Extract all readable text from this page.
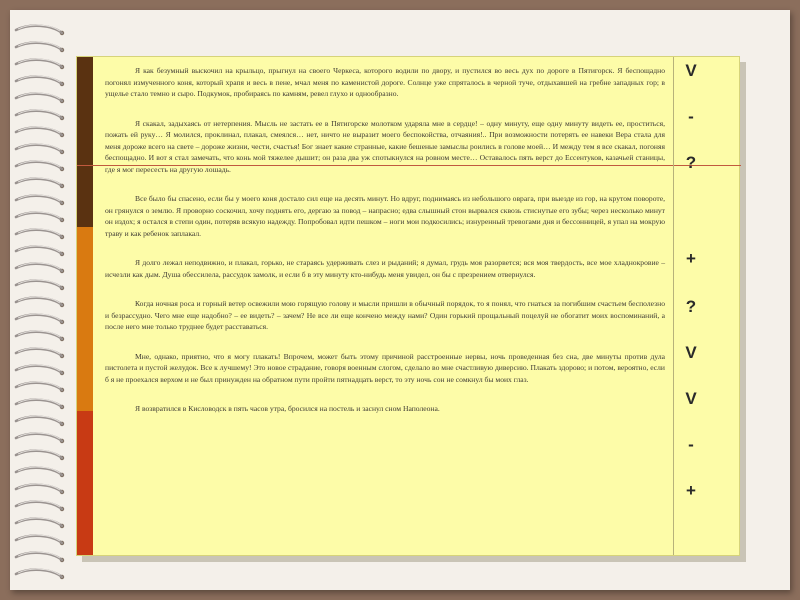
Я как безумный выскочил на крыльцо, прыгнул на своего Черкеса, которого водили по двору, и пустился во весь дух по дороге в Пятигорск. Я беспощадно погонял измученного коня, который храпя и весь в пене, мчал меня по каменистой дороге. Солнце уже спряталось в черной туче, отдыхавшей на гребне западных гор; в ущелье стало темно и сыро. Подкумок, пробираясь по камням, ревел глухо и однообразно.

Я скакал, задыхаясь от нетерпения. Мысль не застать ее в Пятигорске молотком ударяла мне в сердце! – одну минуту, еще одну минуту видеть ее, проститься, пожать ей руку… Я молился, проклинал, плакал, смеялся… нет, ничто не выразит моего беспокойства, отчаяния!.. При возможности потерять ее навеки Вера стала для меня дороже всего на свете – дороже жизни, чести, счастья! Бог знает какие странные, какие бешеные замыслы роились в голове моей… И между тем я все скакал, погоняя беспощадно. И вот я стал замечать, что конь мой тяжелее дышит; он раза два уж спотыкнулся на ровном месте… Оставалось пять верст до Ессентуков, казачьей станицы, где я мог пересесть на другую лошадь.

Все было бы спасено, если бы у моего коня достало сил еще на десять минут. Но вдруг, поднимаясь из небольшого оврага, при выезде из гор, на крутом повороте, он грянулся о землю. Я проворно соскочил, хочу поднять его, дергаю за повод – напрасно; едва слышный стон вырвался сквозь стиснутые его зубы; через несколько минут он издох; я остался в степи один, потеряв всякую надежду. Попробовал идти пешком – ноги мои подкосились; изнуренный тревогами дня и бессонницей, я упал на мокрую траву и как ребенок заплакал.

Я долго лежал неподвижно, и плакал, горько, не стараясь удерживать слез и рыданий; я думал, грудь моя разорвется; вся моя твердость, все мое хладнокровие – исчезли как дым. Душа обессилела, рассудок замолк, и если б в эту минуту кто-нибудь меня увидел, он бы с презрением отвернулся.

Когда ночная роса и горный ветер освежили мою горящую голову и мысли пришли в обычный порядок, то я понял, что гнаться за погибшим счастьем бесполезно и безрассудно. Чего мне еще надобно? – ее видеть? – зачем? Не все ли еще кончено между нами? Один горький прощальный поцелуй не обогатит моих воспоминаний, а после него мне только труднее будет расставаться.

Мне, однако, приятно, что я могу плакать! Впрочем, может быть этому причиной расстроенные нервы, ночь проведенная без сна, две минуты против дула пистолета и пустой желудок. Все к лучшему! Это новое страдание, говоря военным слогом, сделало во мне счастливую диверсию. Плакать здорово; и потом, вероятно, если б я не проехался верхом и не был принужден на обратном пути пройти пятнадцать верст, то эту ночь сон не сомкнул бы моих глаз.

Я возвратился в Кисловодск в пять часов утра, бросился на постель и заснул сном Наполеона.

V
-
?
+
?
V
V
-
+
